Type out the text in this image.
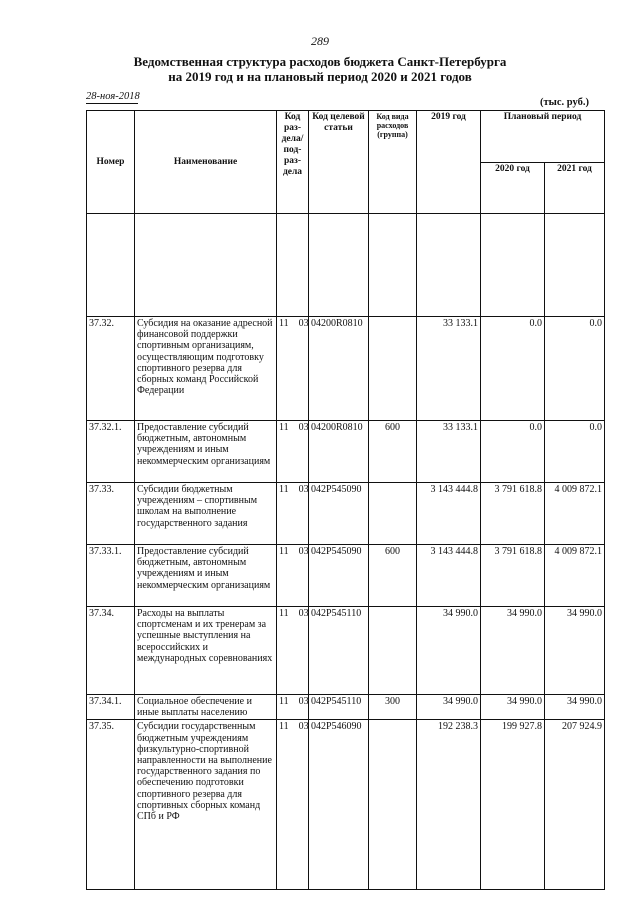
289
Ведомственная структура расходов бюджета Санкт-Петербурга
на 2019 год и на плановый период 2020 и 2021 годов
28-ноя-2018
(тыс. руб.)
Номер	Наименование	Код раз-дела/ под-раз-дела	Код целевой статьи	Код вида расходов (группа)	2019 год	Плановый период	
						2020 год	2021 год

37.32.	Субсидия на оказание адресной финансовой поддержки спортивным организациям, осуществляющим подготовку спортивного резерва для сборных команд Российской Федерации	11 03	04200R0810		33 133.1	0.0	0.0
37.32.1.	Предоставление субсидий бюджетным, автономным учреждениям и иным некоммерческим организациям	11 03	04200R0810	600	33 133.1	0.0	0.0
37.33.	Субсидии бюджетным учреждениям – спортивным школам на выполнение государственного задания	11 03	042P545090		3 143 444.8	3 791 618.8	4 009 872.1
37.33.1.	Предоставление субсидий бюджетным, автономным учреждениям и иным некоммерческим организациям	11 03	042P545090	600	3 143 444.8	3 791 618.8	4 009 872.1
37.34.	Расходы на выплаты спортсменам и их тренерам за успешные выступления на всероссийских и международных соревнованиях	11 03	042P545110		34 990.0	34 990.0	34 990.0
37.34.1.	Социальное обеспечение и иные выплаты населению	11 03	042P545110	300	34 990.0	34 990.0	34 990.0
37.35.	Субсидии государственным бюджетным учреждениям физкультурно-спортивной направленности на выполнение государственного задания по обеспечению подготовки спортивного резерва для спортивных сборных команд СПб и РФ	11 03	042P546090		192 238.3	199 927.8	207 924.9
